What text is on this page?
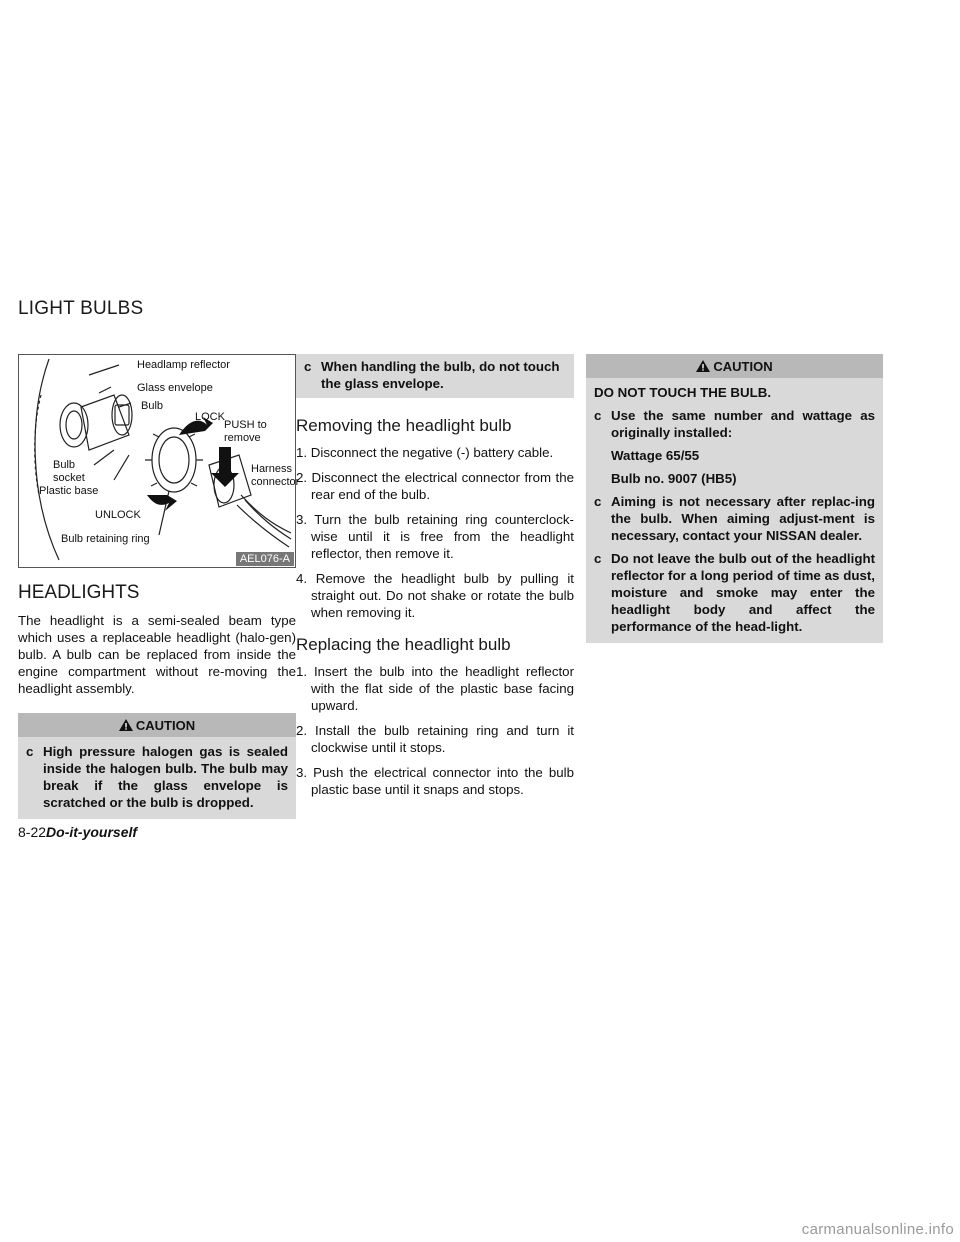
LIGHT BULBS
Headlamp reflector
Glass envelope
Bulb
LOCK
PUSH to
remove
Harness
connector
Bulb
socket
Plastic base
UNLOCK
Bulb retaining ring
AEL076-A
HEADLIGHTS

The headlight is a semi-sealed beam type which uses a replaceable headlight (halo-gen) bulb. A bulb can be replaced from inside the engine compartment without re-moving the headlight assembly.

CAUTION
c High pressure halogen gas is sealed inside the halogen bulb. The bulb may break if the glass envelope is scratched or the bulb is dropped.
c When handling the bulb, do not touch the glass envelope.
Removing the headlight bulb
1. Disconnect the negative (-) battery cable.
2. Disconnect the electrical connector from the rear end of the bulb.
3. Turn the bulb retaining ring counterclock-wise until it is free from the headlight reflector, then remove it.
4. Remove the headlight bulb by pulling it straight out. Do not shake or rotate the bulb when removing it.
Replacing the headlight bulb
1. Insert the bulb into the headlight reflector with the flat side of the plastic base facing upward.
2. Install the bulb retaining ring and turn it clockwise until it stops.
3. Push the electrical connector into the bulb plastic base until it snaps and stops.
CAUTION
DO NOT TOUCH THE BULB.
c Use the same number and wattage as originally installed:
Wattage 65/55
Bulb no. 9007 (HB5)
c Aiming is not necessary after replac-ing the bulb. When aiming adjust-ment is necessary, contact your NISSAN dealer.
c Do not leave the bulb out of the headlight reflector for a long period of time as dust, moisture and smoke may enter the headlight body and affect the performance of the head-light.
8-22Do-it-yourself
carmanualsonline.info
